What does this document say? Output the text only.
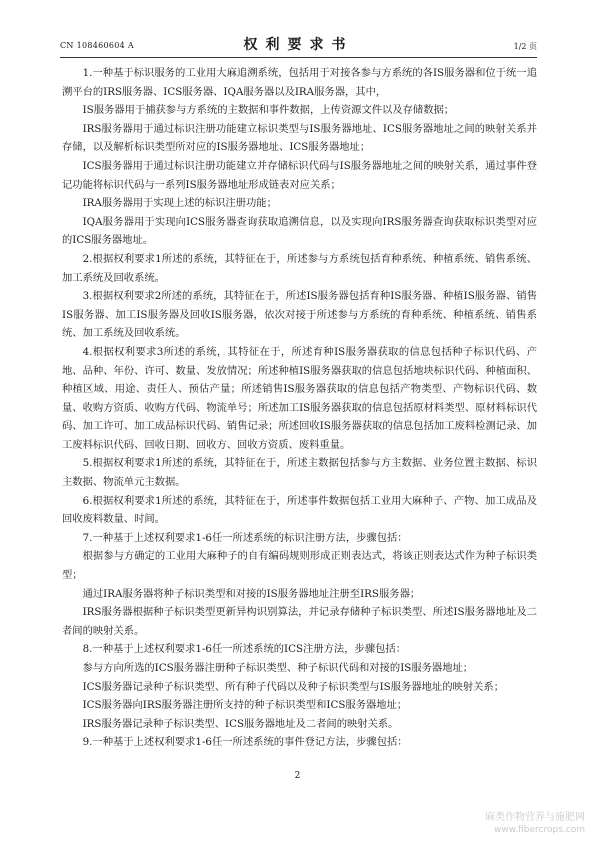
CN 108460604 A	权利要求书	1/2 页

1.一种基于标识服务的工业用大麻追溯系统，包括用于对接各参与方系统的各IS服务器和位于统一追溯平台的IRS服务器、ICS服务器、IQA服务器以及IRA服务器，其中，

IS服务器用于捕获参与方系统的主数据和事件数据，上传资源文件以及存储数据；

IRS服务器用于通过标识注册功能建立标识类型与IS服务器地址、ICS服务器地址之间的映射关系并存储，以及解析标识类型所对应的IS服务器地址、ICS服务器地址；

ICS服务器用于通过标识注册功能建立并存储标识代码与IS服务器地址之间的映射关系，通过事件登记功能将标识代码与一系列IS服务器地址形成链表对应关系；

IRA服务器用于实现上述的标识注册功能；

IQA服务器用于实现向ICS服务器查询获取追溯信息，以及实现向IRS服务器查询获取标识类型对应的ICS服务器地址。

2.根据权利要求1所述的系统，其特征在于，所述参与方系统包括育种系统、种植系统、销售系统、加工系统及回收系统。

3.根据权利要求2所述的系统，其特征在于，所述IS服务器包括育种IS服务器、种植IS服务器、销售IS服务器、加工IS服务器及回收IS服务器，依次对接于所述参与方系统的育种系统、种植系统、销售系统、加工系统及回收系统。

4.根据权利要求3所述的系统，其特征在于，所述育种IS服务器获取的信息包括种子标识代码、产地、品种、年份、许可、数量、发放情况；所述种植IS服务器获取的信息包括地块标识代码、种植面积、种植区域、用途、责任人、预估产量；所述销售IS服务器获取的信息包括产物类型、产物标识代码、数量、收购方资质、收购方代码、物流单号；所述加工IS服务器获取的信息包括原材料类型、原材料标识代码、加工许可、加工成品标识代码、销售记录；所述回收IS服务器获取的信息包括加工废料检测记录、加工废料标识代码、回收日期、回收方、回收方资质、废料重量。

5.根据权利要求1所述的系统，其特征在于，所述主数据包括参与方主数据、业务位置主数据、标识主数据、物流单元主数据。

6.根据权利要求1所述的系统，其特征在于，所述事件数据包括工业用大麻种子、产物、加工成品及回收废料数量、时间。

7.一种基于上述权利要求1-6任一所述系统的标识注册方法，步骤包括：

根据参与方确定的工业用大麻种子的自有编码规则形成正则表达式，将该正则表达式作为种子标识类型；

通过IRA服务器将种子标识类型和对接的IS服务器地址注册至IRS服务器；

IRS服务器根据种子标识类型更新异构识别算法，并记录存储种子标识类型、所述IS服务器地址及二者间的映射关系。

8.一种基于上述权利要求1-6任一所述系统的ICS注册方法，步骤包括：

参与方向所选的ICS服务器注册种子标识类型、种子标识代码和对接的IS服务器地址；

ICS服务器记录种子标识类型、所有种子代码以及种子标识类型与IS服务器地址的映射关系；

ICS服务器向IRS服务器注册所支持的种子标识类型和ICS服务器地址；

IRS服务器记录种子标识类型、ICS服务器地址及二者间的映射关系。

9.一种基于上述权利要求1-6任一所述系统的事件登记方法，步骤包括：

2
麻类作物营养与施肥网
www.fibercrops.com
